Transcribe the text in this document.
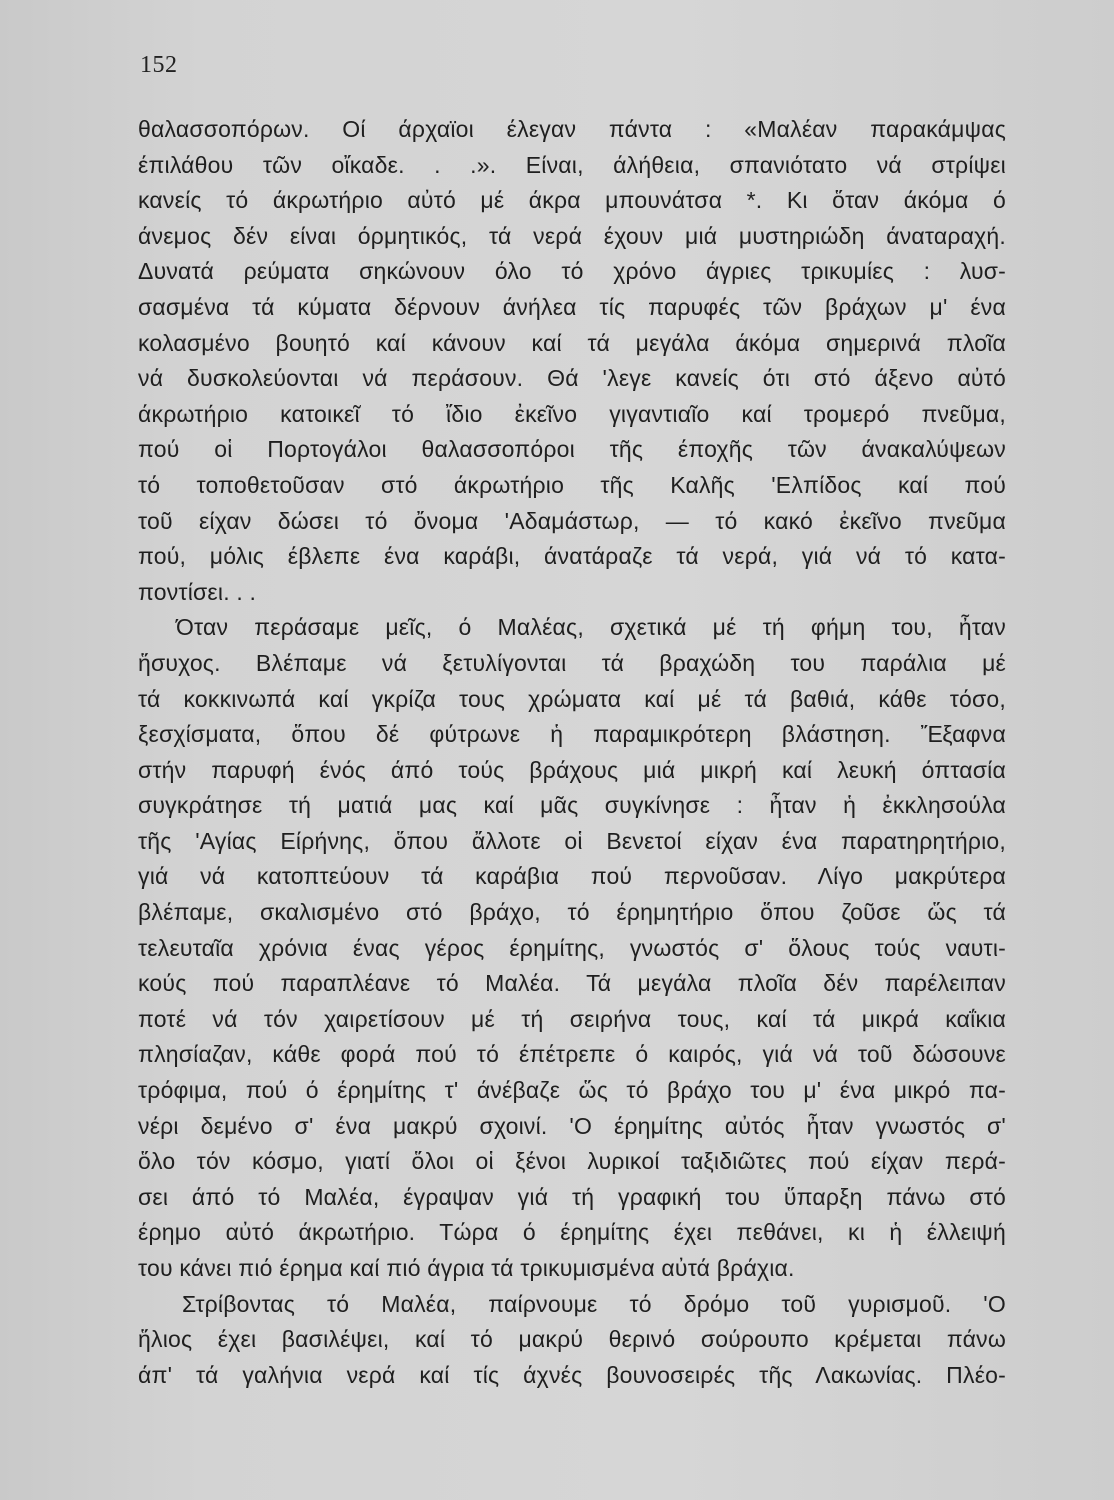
152
θαλασσοπόρων. Οί άρχαϊοι έλεγαν πάντα : «Μαλέαν παρακάμψας
έπιλάθου τῶν οἴκαδε. . .». Είναι, άλήθεια, σπανιότατο νά στρίψει
κανείς τό άκρωτήριο αὐτό μέ άκρα μπουνάτσα *. Κι ὅταν άκόμα ό
άνεμος δέν είναι όρμητικός, τά νερά έχουν μιά μυστηριώδη άναταραχή.
Δυνατά ρεύματα σηκώνουν όλο τό χρόνο άγριες τρικυμίες : λυσ-
σασμένα τά κύματα δέρνουν άνήλεα τίς παρυφές τῶν βράχων μ' ένα
κολασμένο βουητό καί κάνουν καί τά μεγάλα άκόμα σημερινά πλοῖα
νά δυσκολεύονται νά περάσουν. Θά 'λεγε κανείς ότι στό άξενο αὐτό
άκρωτήριο κατοικεῖ τό ἴδιο ἐκεῖνο γιγαντιαῖο καί τρομερό πνεῦμα,
πού οἱ Πορτογάλοι θαλασσοπόροι τῆς έποχῆς τῶν άνακαλύψεων
τό τοποθετοῦσαν στό άκρωτήριο τῆς Καλῆς 'Ελπίδος καί πού
τοῦ είχαν δώσει τό ὄνομα 'Αδαμάστωρ, — τό κακό ἐκεῖνο πνεῦμα
πού, μόλις έβλεπε ένα καράβι, άνατάραζε τά νερά, γιά νά τό κατα-
ποντίσει. . .
Όταν περάσαμε μεῖς, ό Μαλέας, σχετικά μέ τή φήμη του, ἦταν
ἥσυχος. Βλέπαμε νά ξετυλίγονται τά βραχώδη του παράλια μέ
τά κοκκινωπά καί γκρίζα τους χρώματα καί μέ τά βαθιά, κάθε τόσο,
ξεσχίσματα, ὅπου δέ φύτρωνε ἡ παραμικρότερη βλάστηση. Ἔξαφνα
στήν παρυφή ένός άπό τούς βράχους μιά μικρή καί λευκή όπτασία
συγκράτησε τή ματιά μας καί μᾶς συγκίνησε : ἦταν ἡ ἐκκλησούλα
τῆς 'Αγίας Είρήνης, ὅπου ἄλλοτε οἱ Βενετοί είχαν ένα παρατηρητήριο,
γιά νά κατοπτεύουν τά καράβια πού περνοῦσαν. Λίγο μακρύτερα
βλέπαμε, σκαλισμένο στό βράχο, τό έρημητήριο ὅπου ζοῦσε ὥς τά
τελευταῖα χρόνια ένας γέρος έρημίτης, γνωστός σ' ὅλους τούς ναυτι-
κούς πού παραπλέανε τό Μαλέα. Τά μεγάλα πλοῖα δέν παρέλειπαν
ποτέ νά τόν χαιρετίσουν μέ τή σειρήνα τους, καί τά μικρά καΐκια
πλησίαζαν, κάθε φορά πού τό έπέτρεπε ό καιρός, γιά νά τοῦ δώσουνε
τρόφιμα, πού ό έρημίτης τ' άνέβαζε ὥς τό βράχο του μ' ένα μικρό πα-
νέρι δεμένο σ' ένα μακρύ σχοινί. 'Ο έρημίτης αὐτός ἦταν γνωστός σ'
ὅλο τόν κόσμο, γιατί ὅλοι οἱ ξένοι λυρικοί ταξιδιῶτες πού είχαν περά-
σει άπό τό Μαλέα, έγραψαν γιά τή γραφική του ὕπαρξη πάνω στό
έρημο αὐτό άκρωτήριο. Τώρα ό έρημίτης έχει πεθάνει, κι ἡ έλλειψή
του κάνει πιό έρημα καί πιό άγρια τά τρικυμισμένα αὐτά βράχια.
Στρίβοντας τό Μαλέα, παίρνουμε τό δρόμο τοῦ γυρισμοῦ. 'Ο
ἥλιος έχει βασιλέψει, καί τό μακρύ θερινό σούρουπο κρέμεται πάνω
άπ' τά γαλήνια νερά καί τίς άχνές βουνοσειρές τῆς Λακωνίας. Πλέο-
